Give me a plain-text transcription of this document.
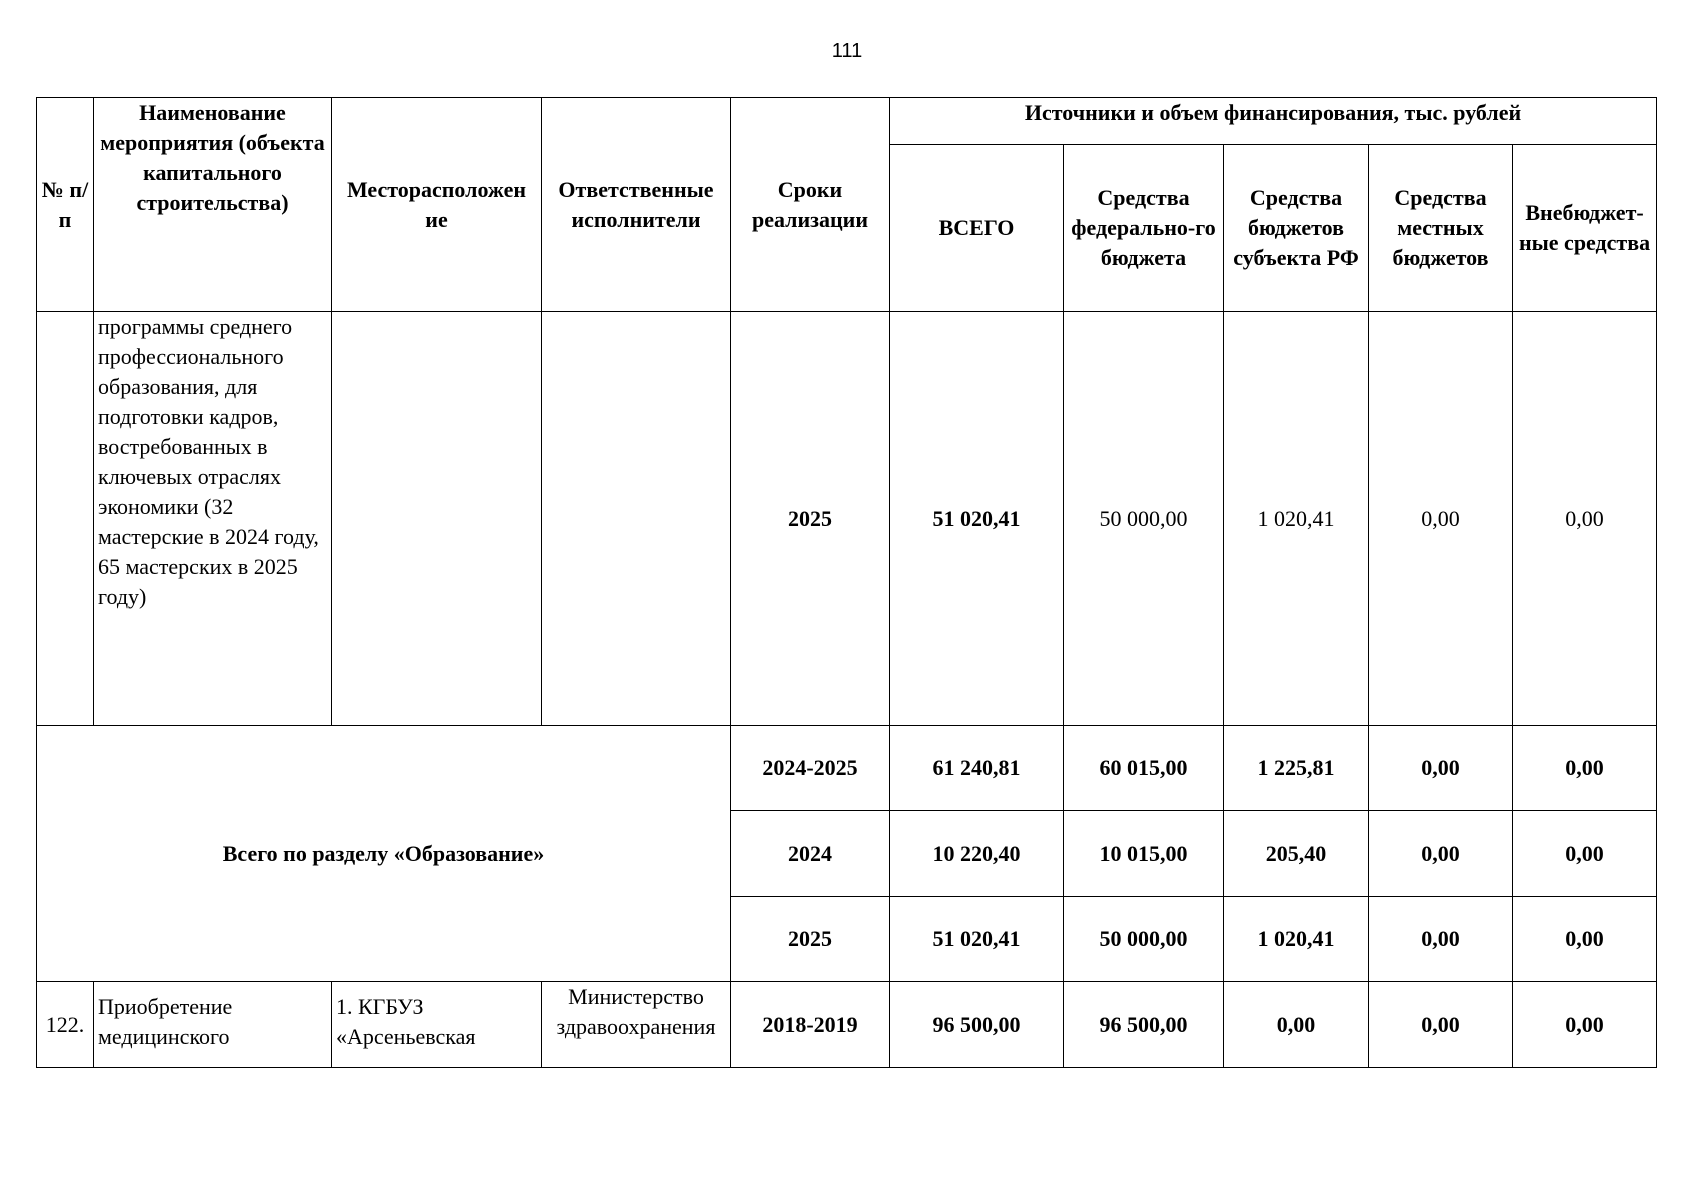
111
№ п/п	Наименование мероприятия (объекта капитального строительства)	Месторасположен ие	Ответственные исполнители	Сроки реализации	Источники и объем финансирования, тыс. рублей				
					ВСЕГО	Средства федерально-го бюджета	Средства бюджетов субъекта РФ	Средства местных бюджетов	Внебюджет-ные средства
	программы среднего профессионального образования, для подготовки кадров, востребованных в ключевых отраслях экономики (32 мастерские в 2024 году, 65 мастерских в 2025 году)			2025	51 020,41	50 000,00	1 020,41	0,00	0,00
Всего по разделу «Образование»				2024-2025	61 240,81	60 015,00	1 225,81	0,00	0,00
				2024	10 220,40	10 015,00	205,40	0,00	0,00
				2025	51 020,41	50 000,00	1 020,41	0,00	0,00
122.	Приобретение медицинского	1. КГБУЗ «Арсеньевская	Министерство здравоохранения	2018-2019	96 500,00	96 500,00	0,00	0,00	0,00
